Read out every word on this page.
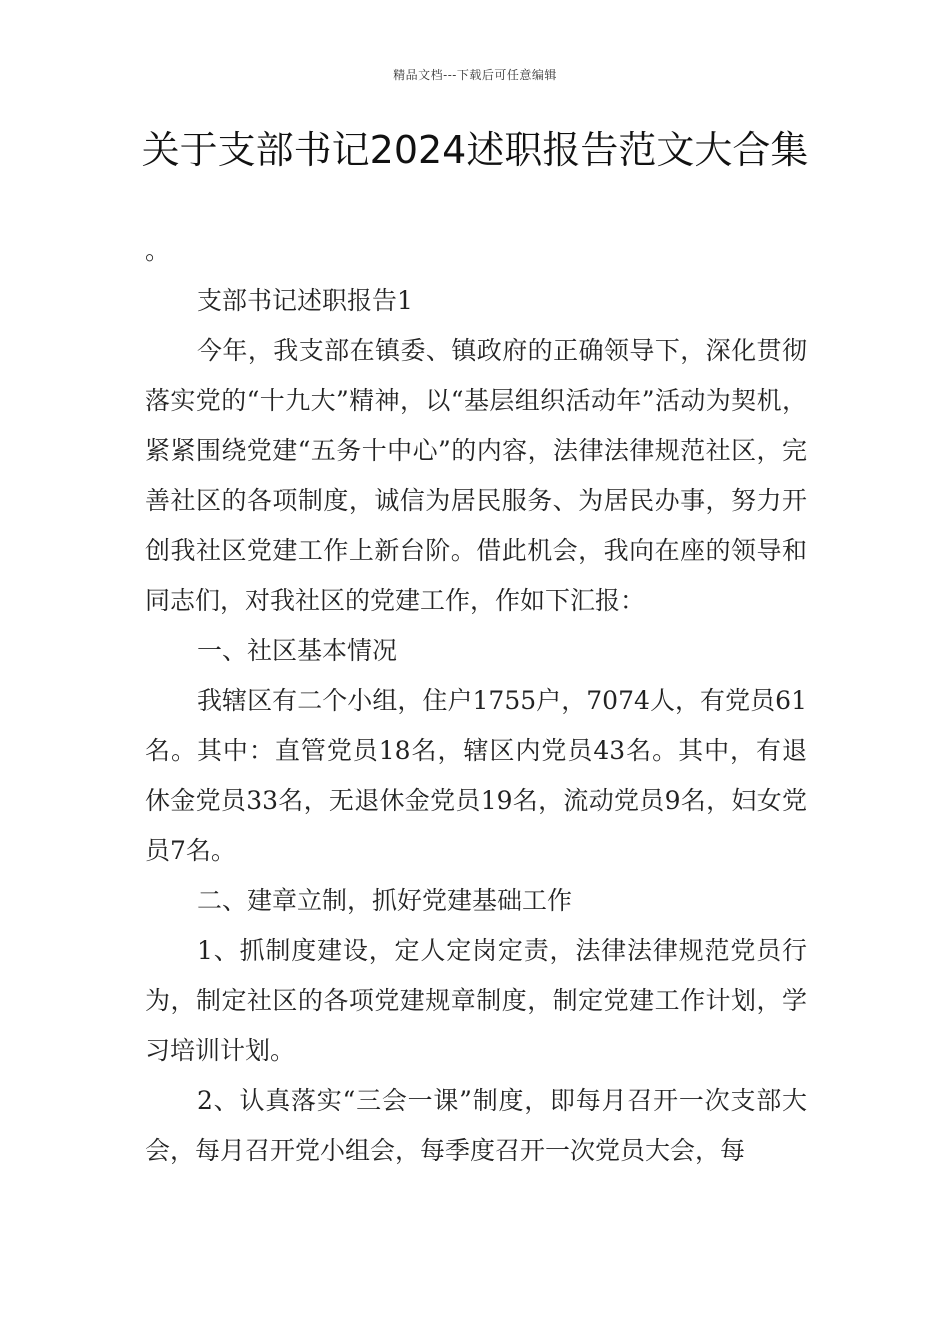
精品文档---下载后可任意编辑
关于支部书记2024述职报告范文大合集

。

支部书记述职报告1

今年，我支部在镇委、镇政府的正确领导下，深化贯彻落实党的“十九大”精神，以“基层组织活动年”活动为契机，紧紧围绕党建“五务十中心”的内容，法律法律规范社区，完善社区的各项制度，诚信为居民服务、为居民办事，努力开创我社区党建工作上新台阶。借此机会，我向在座的领导和同志们，对我社区的党建工作，作如下汇报：

一、社区基本情况

我辖区有二个小组，住户1755户，7074人，有党员61名。其中：直管党员18名，辖区内党员43名。其中，有退休金党员33名，无退休金党员19名，流动党员9名，妇女党员7名。

二、建章立制，抓好党建基础工作

1、抓制度建设，定人定岗定责，法律法律规范党员行为，制定社区的各项党建规章制度，制定党建工作计划，学习培训计划。

2、认真落实“三会一课”制度，即每月召开一次支部大会，每月召开党小组会，每季度召开一次党员大会，每
